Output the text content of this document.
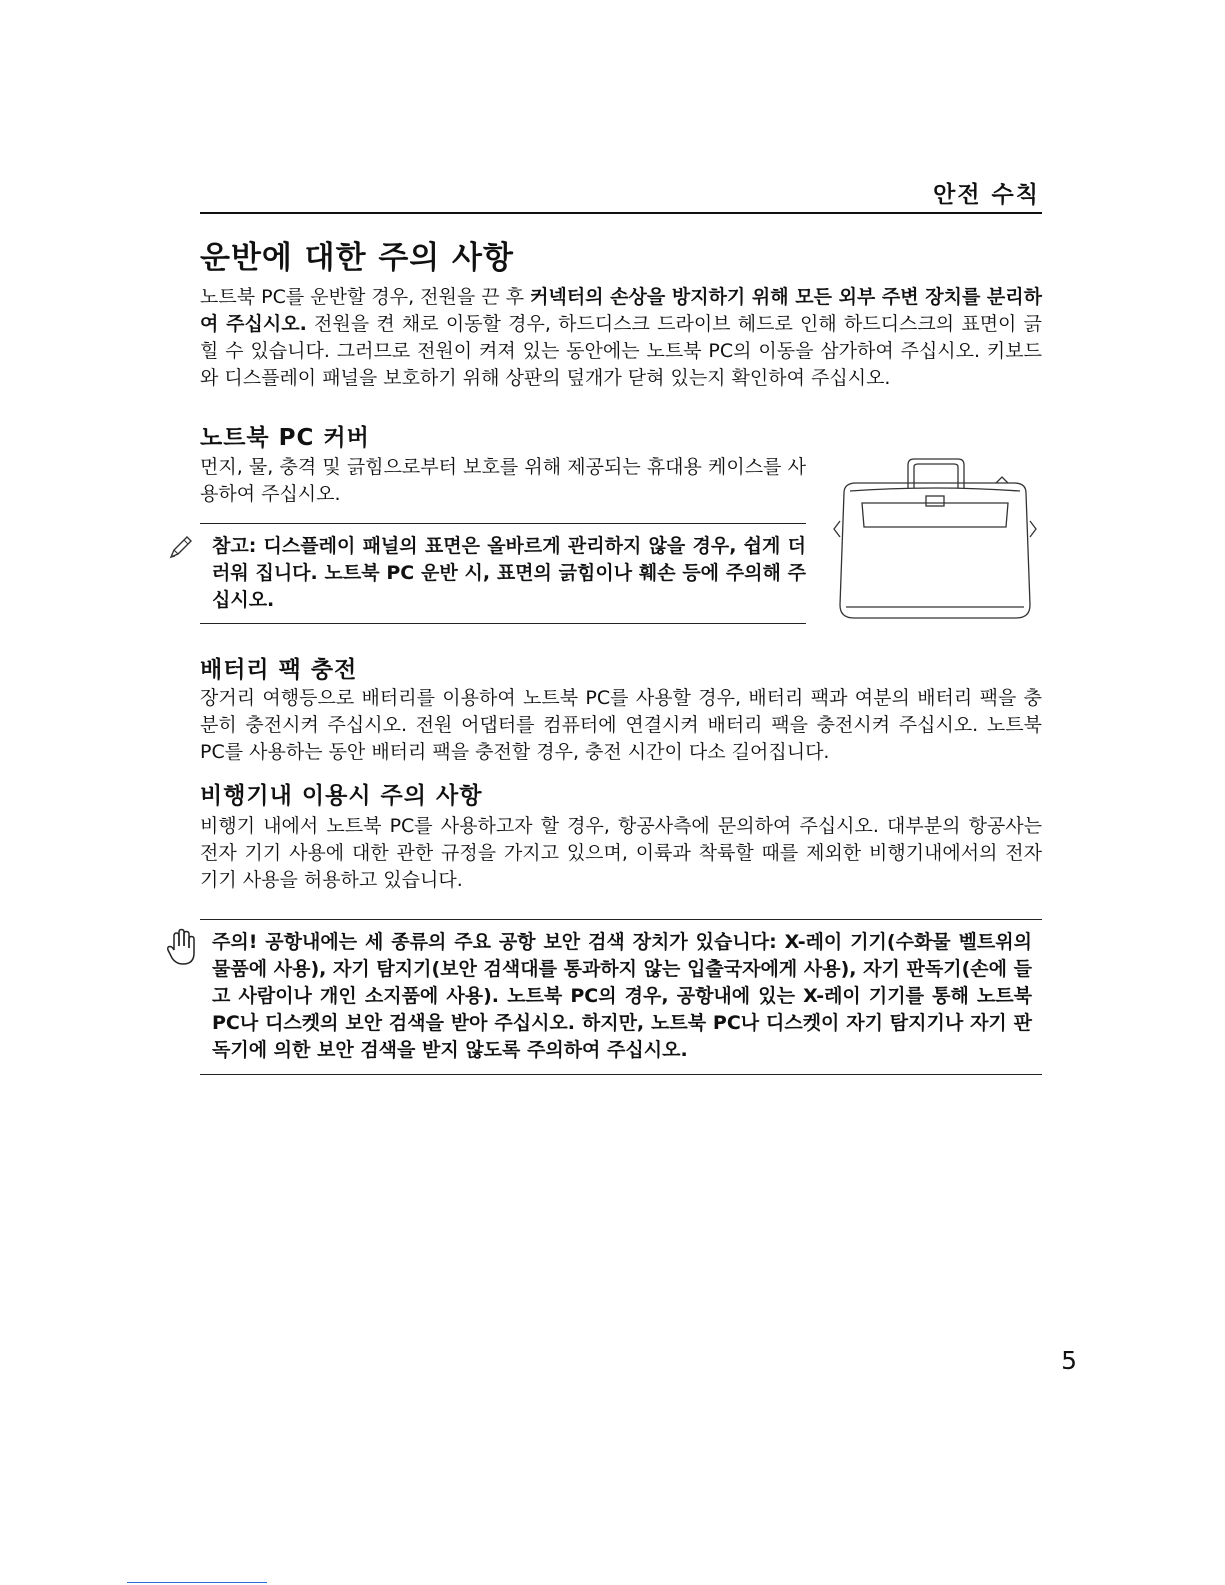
안전 수칙
운반에 대한 주의 사항

노트북 PC를 운반할 경우, 전원을 끈 후 커넥터의 손상을 방지하기 위해 모든 외부 주변 장치를 분리하여 주십시오. 전원을 켠 채로 이동할 경우, 하드디스크 드라이브 헤드로 인해 하드디스크의 표면이 긁힐 수 있습니다. 그러므로 전원이 켜져 있는 동안에는 노트북 PC의 이동을 삼가하여 주십시오. 키보드와 디스플레이 패널을 보호하기 위해 상판의 덮개가 닫혀 있는지 확인하여 주십시오.

노트북 PC 커버

먼지, 물, 충격 및 긁힘으로부터 보호를 위해 제공되는 휴대용 케이스를 사용하여 주십시오.

참고: 디스플레이 패널의 표면은 올바르게 관리하지 않을 경우, 쉽게 더러워 집니다. 노트북 PC 운반 시, 표면의 긁힘이나 훼손 등에 주의해 주십시오.

배터리 팩 충전

장거리 여행등으로 배터리를 이용하여 노트북 PC를 사용할 경우, 배터리 팩과 여분의 배터리 팩을 충분히 충전시켜 주십시오. 전원 어댑터를 컴퓨터에 연결시켜 배터리 팩을 충전시켜 주십시오. 노트북 PC를 사용하는 동안 배터리 팩을 충전할 경우, 충전 시간이 다소 길어집니다.

비행기내 이용시 주의 사항

비행기 내에서 노트북 PC를 사용하고자 할 경우, 항공사측에 문의하여 주십시오. 대부분의 항공사는 전자 기기 사용에 대한 관한 규정을 가지고 있으며, 이륙과 착륙할 때를 제외한 비행기내에서의 전자 기기 사용을 허용하고 있습니다.

주의! 공항내에는 세 종류의 주요 공항 보안 검색 장치가 있습니다: X-레이 기기(수화물 벨트위의 물품에 사용), 자기 탐지기(보안 검색대를 통과하지 않는 입출국자에게 사용), 자기 판독기(손에 들고 사람이나 개인 소지품에 사용). 노트북 PC의 경우, 공항내에 있는 X-레이 기기를 통해 노트북 PC나 디스켓의 보안 검색을 받아 주십시오. 하지만, 노트북 PC나 디스켓이 자기 탐지기나 자기 판독기에 의한 보안 검색을 받지 않도록 주의하여 주십시오.

5
